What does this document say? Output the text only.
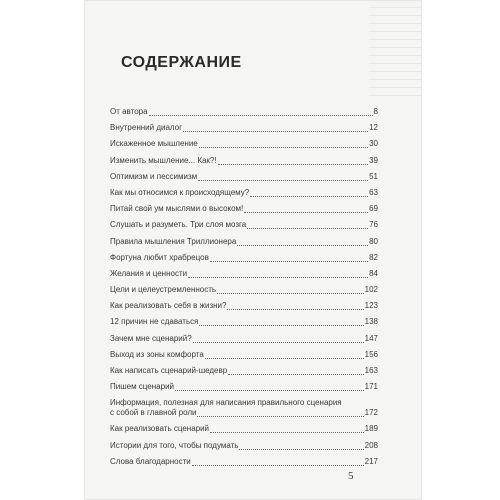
СОДЕРЖАНИЕ
От автора	8
Внутренний диалог	12
Искаженное мышление	30
Изменить мышление... Как?!	39
Оптимизм и пессимизм	51
Как мы относимся к происходящему?	63
Питай свой ум мыслями о высоком!	69
Слушать и разуметь. Три слоя мозга	76
Правила мышления Триллионера	80
Фортуна любит храбрецов	82
Желания и ценности	84
Цели и целеустремленность	102
Как реализовать себя в жизни?	123
12 причин не сдаваться	138
Зачем мне сценарий?	147
Выход из зоны комфорта	156
Как написать сценарий-шедевр	163
Пишем сценарий	171
Информация, полезная для написания правильного сценария
с собой в главной роли	172
Как реализовать сценарий	189
Истории для того, чтобы подумать	208
Слова благодарности	217
5
